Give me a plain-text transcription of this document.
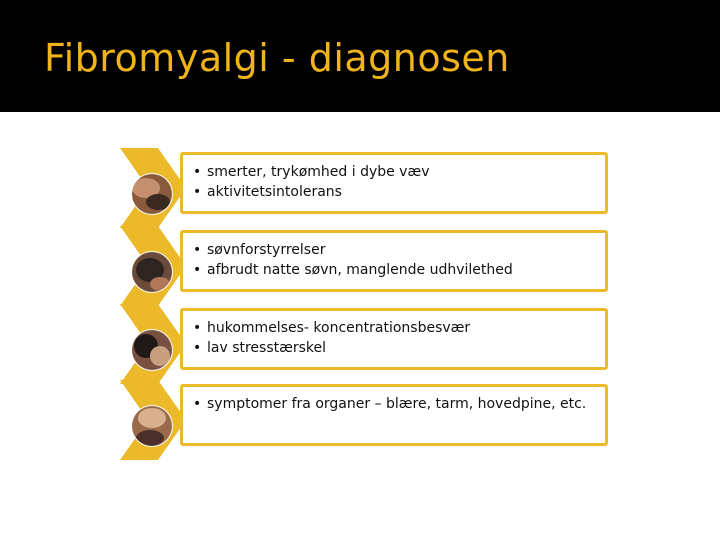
Fibromyalgi - diagnosen
• smerter, trykømhed i dybe væv
• aktivitetsintolerans
• søvnforstyrrelser
• afbrudt natte søvn, manglende udhvilethed
• hukommelses- koncentrationsbesvær
• lav stresstærskel
• symptomer fra organer – blære, tarm, hovedpine, etc.
